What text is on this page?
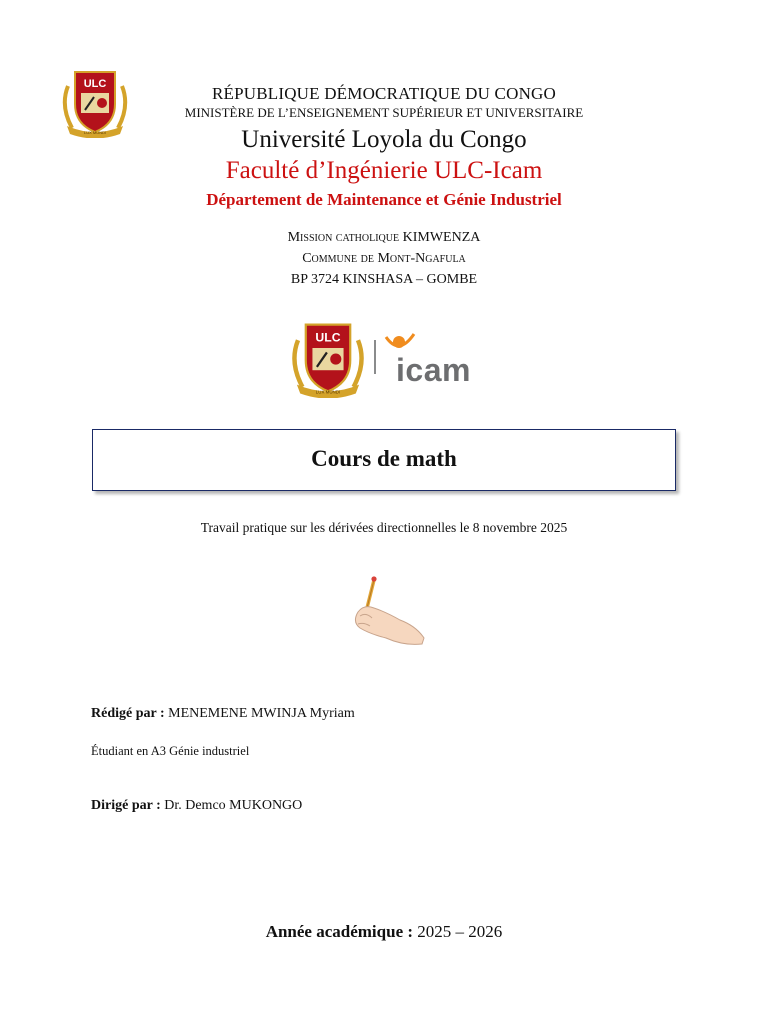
ULC
LUX MUNDI
RÉPUBLIQUE DÉMOCRATIQUE DU CONGO
MINISTÈRE DE L’ENSEIGNEMENT SUPÉRIEUR ET UNIVERSITAIRE
Université Loyola du Congo
Faculté d’Ingénierie ULC-Icam
Département de Maintenance et Génie Industriel
Mission catholique KIMWENZA
Commune de Mont-Ngafula
BP 3724 KINSHASA – GOMBE
ULC
LUX MUNDI
icam
Cours de math
Travail pratique sur les dérivées directionnelles le 8 novembre 2025
Rédigé par : MENEMENE MWINJA Myriam
Étudiant en A3 Génie industriel
Dirigé par : Dr. Demco MUKONGO
Année académique : 2025 – 2026
